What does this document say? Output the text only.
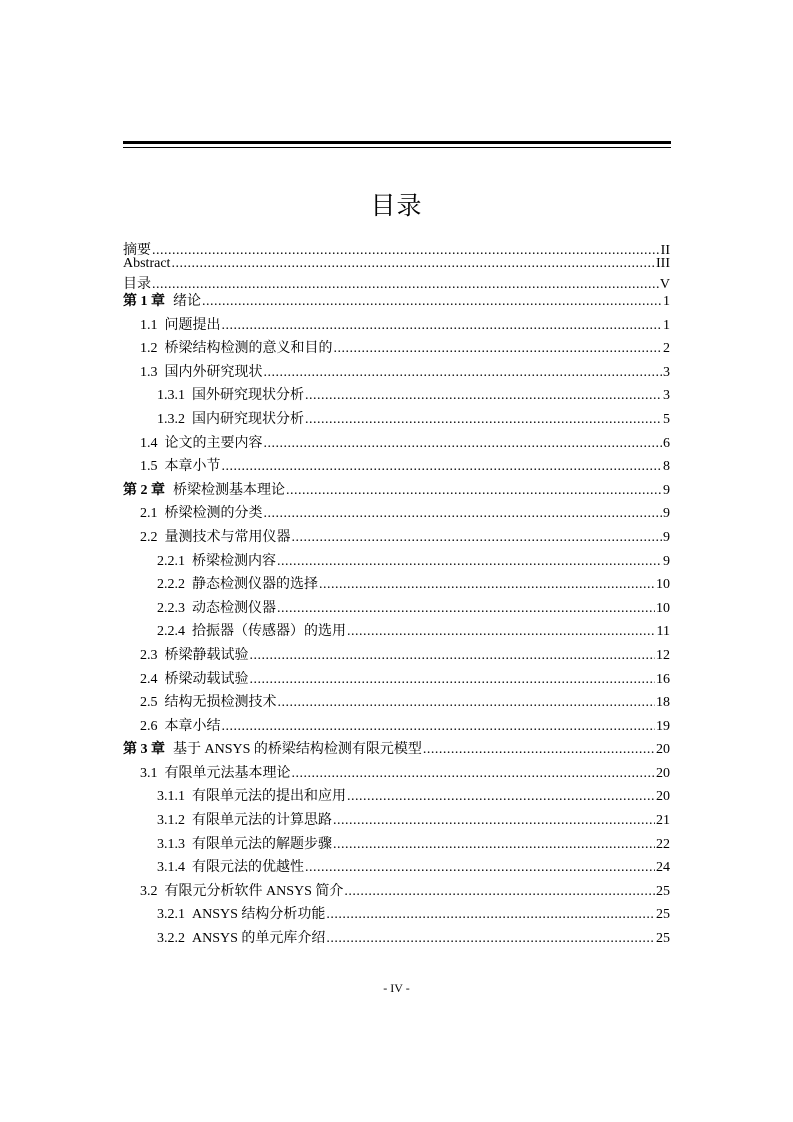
目录
摘要 .....	II
Abstract .....	III
目录 .....	V
第 1 章 绪论 .....	1
1.1 问题提出 .....	1
1.2 桥梁结构检测的意义和目的 .....	2
1.3 国内外研究现状 .....	3
1.3.1 国外研究现状分析 .....	3
1.3.2 国内研究现状分析 .....	5
1.4 论文的主要内容 .....	6
1.5 本章小节 .....	8
第 2 章 桥梁检测基本理论 .....	9
2.1 桥梁检测的分类 .....	9
2.2 量测技术与常用仪器 .....	9
2.2.1 桥梁检测内容 .....	9
2.2.2 静态检测仪器的选择 .....	10
2.2.3 动态检测仪器 .....	10
2.2.4 拾振器（传感器）的选用 .....	11
2.3 桥梁静载试验 .....	12
2.4 桥梁动载试验 .....	16
2.5 结构无损检测技术 .....	18
2.6 本章小结 .....	19
第 3 章 基于 ANSYS 的桥梁结构检测有限元模型 .....	20
3.1 有限单元法基本理论 .....	20
3.1.1 有限单元法的提出和应用 .....	20
3.1.2 有限单元法的计算思路 .....	21
3.1.3 有限单元法的解题步骤 .....	22
3.1.4 有限元法的优越性 .....	24
3.2 有限元分析软件 ANSYS 简介 .....	25
3.2.1 ANSYS 结构分析功能 .....	25
3.2.2 ANSYS 的单元库介绍 .....	25
- IV -
